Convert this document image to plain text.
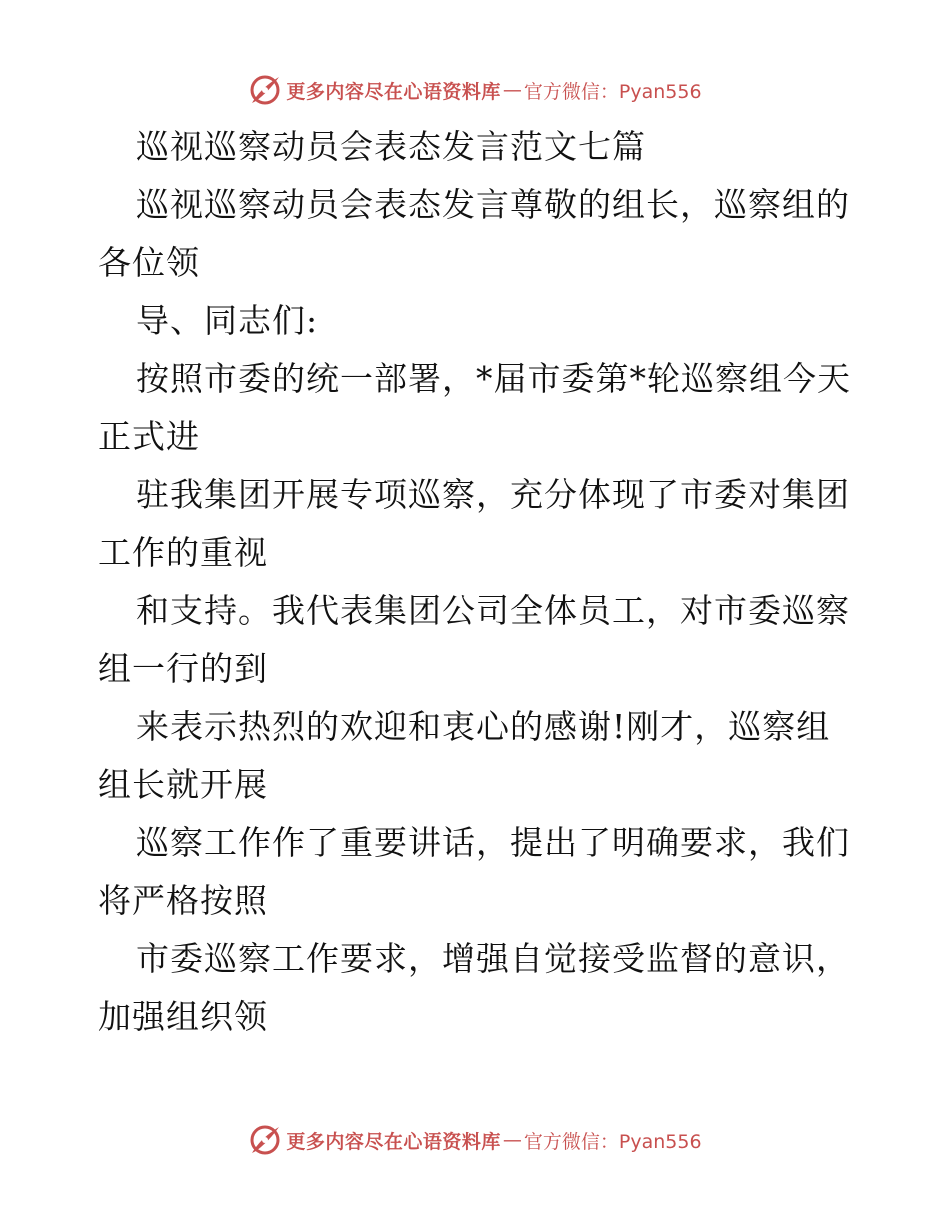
更多内容尽在心语资料库 — 官方微信：Pyan556

巡视巡察动员会表态发言范文七篇

巡视巡察动员会表态发言尊敬的组长，巡察组的

各位领

导、同志们:

按照市委的统一部署，*届市委第*轮巡察组今天

正式进

驻我集团开展专项巡察，充分体现了市委对集团

工作的重视

和支持。我代表集团公司全体员工，对市委巡察

组一行的到

来表示热烈的欢迎和衷心的感谢!刚才，巡察组

组长就开展

巡察工作作了重要讲话，提出了明确要求，我们

将严格按照

市委巡察工作要求，增强自觉接受监督的意识，

加强组织领

更多内容尽在心语资料库 — 官方微信：Pyan556
